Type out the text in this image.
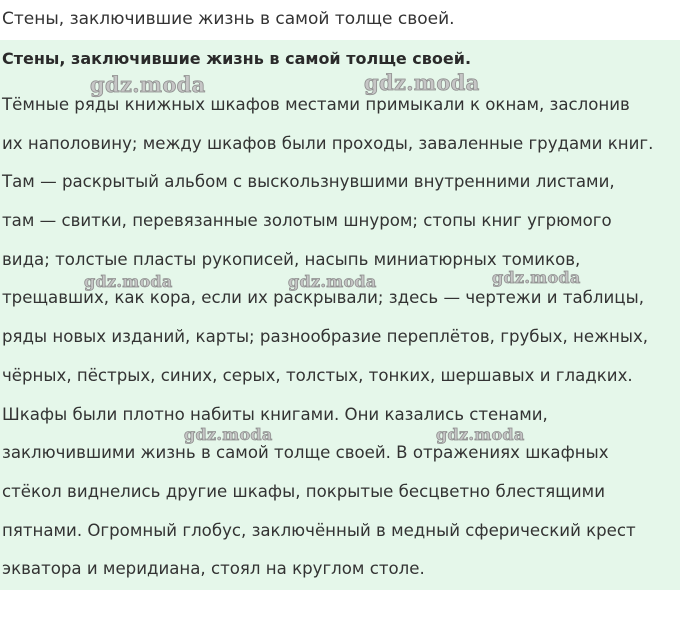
Стены, заключившие жизнь в самой толще своей.
Стены, заключившие жизнь в самой толще своей.
Тёмные ряды книжных шкафов местами примыкали к окнам, заслонив
их наполовину; между шкафов были проходы, заваленные грудами книг.
Там — раскрытый альбом с выскользнувшими внутренними листами,
там — свитки, перевязанные золотым шнуром; стопы книг угрюмого
вида; толстые пласты рукописей, насыпь миниатюрных томиков,
трещавших, как кора, если их раскрывали; здесь — чертежи и таблицы,
ряды новых изданий, карты; разнообразие переплётов, грубых, нежных,
чёрных, пёстрых, синих, серых, толстых, тонких, шершавых и гладких.
Шкафы были плотно набиты книгами. Они казались стенами,
заключившими жизнь в самой толще своей. В отражениях шкафных
стёкол виднелись другие шкафы, покрытые бесцветно блестящими
пятнами. Огромный глобус, заключённый в медный сферический крест
экватора и меридиана, стоял на круглом столе.
gdz.moda	gdz.moda
gdz.moda	gdz.moda	gdz.moda
gdz.moda	gdz.moda
